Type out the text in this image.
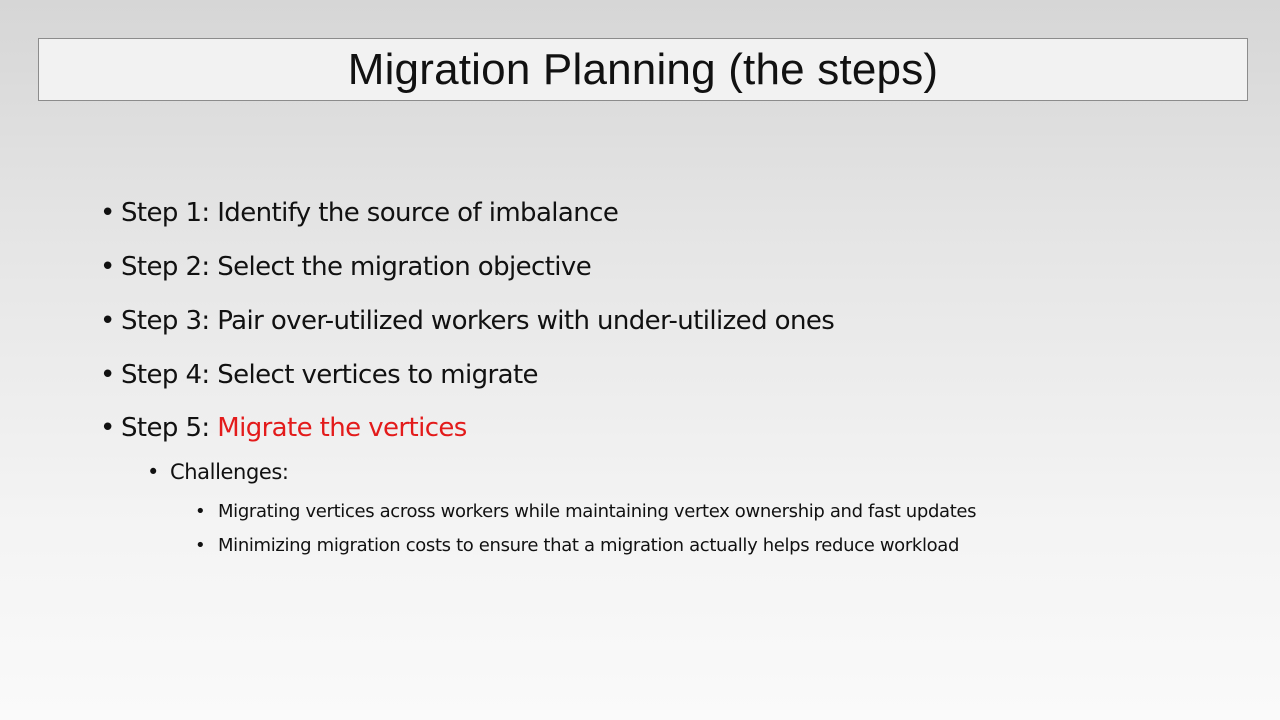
Migration Planning (the steps)
• Step 1: Identify the source of imbalance
• Step 2: Select the migration objective
• Step 3: Pair over-utilized workers with under-utilized ones
• Step 4: Select vertices to migrate
• Step 5: Migrate the vertices
• Challenges:
• Migrating vertices across workers while maintaining vertex ownership and fast updates
• Minimizing migration costs to ensure that a migration actually helps reduce workload
